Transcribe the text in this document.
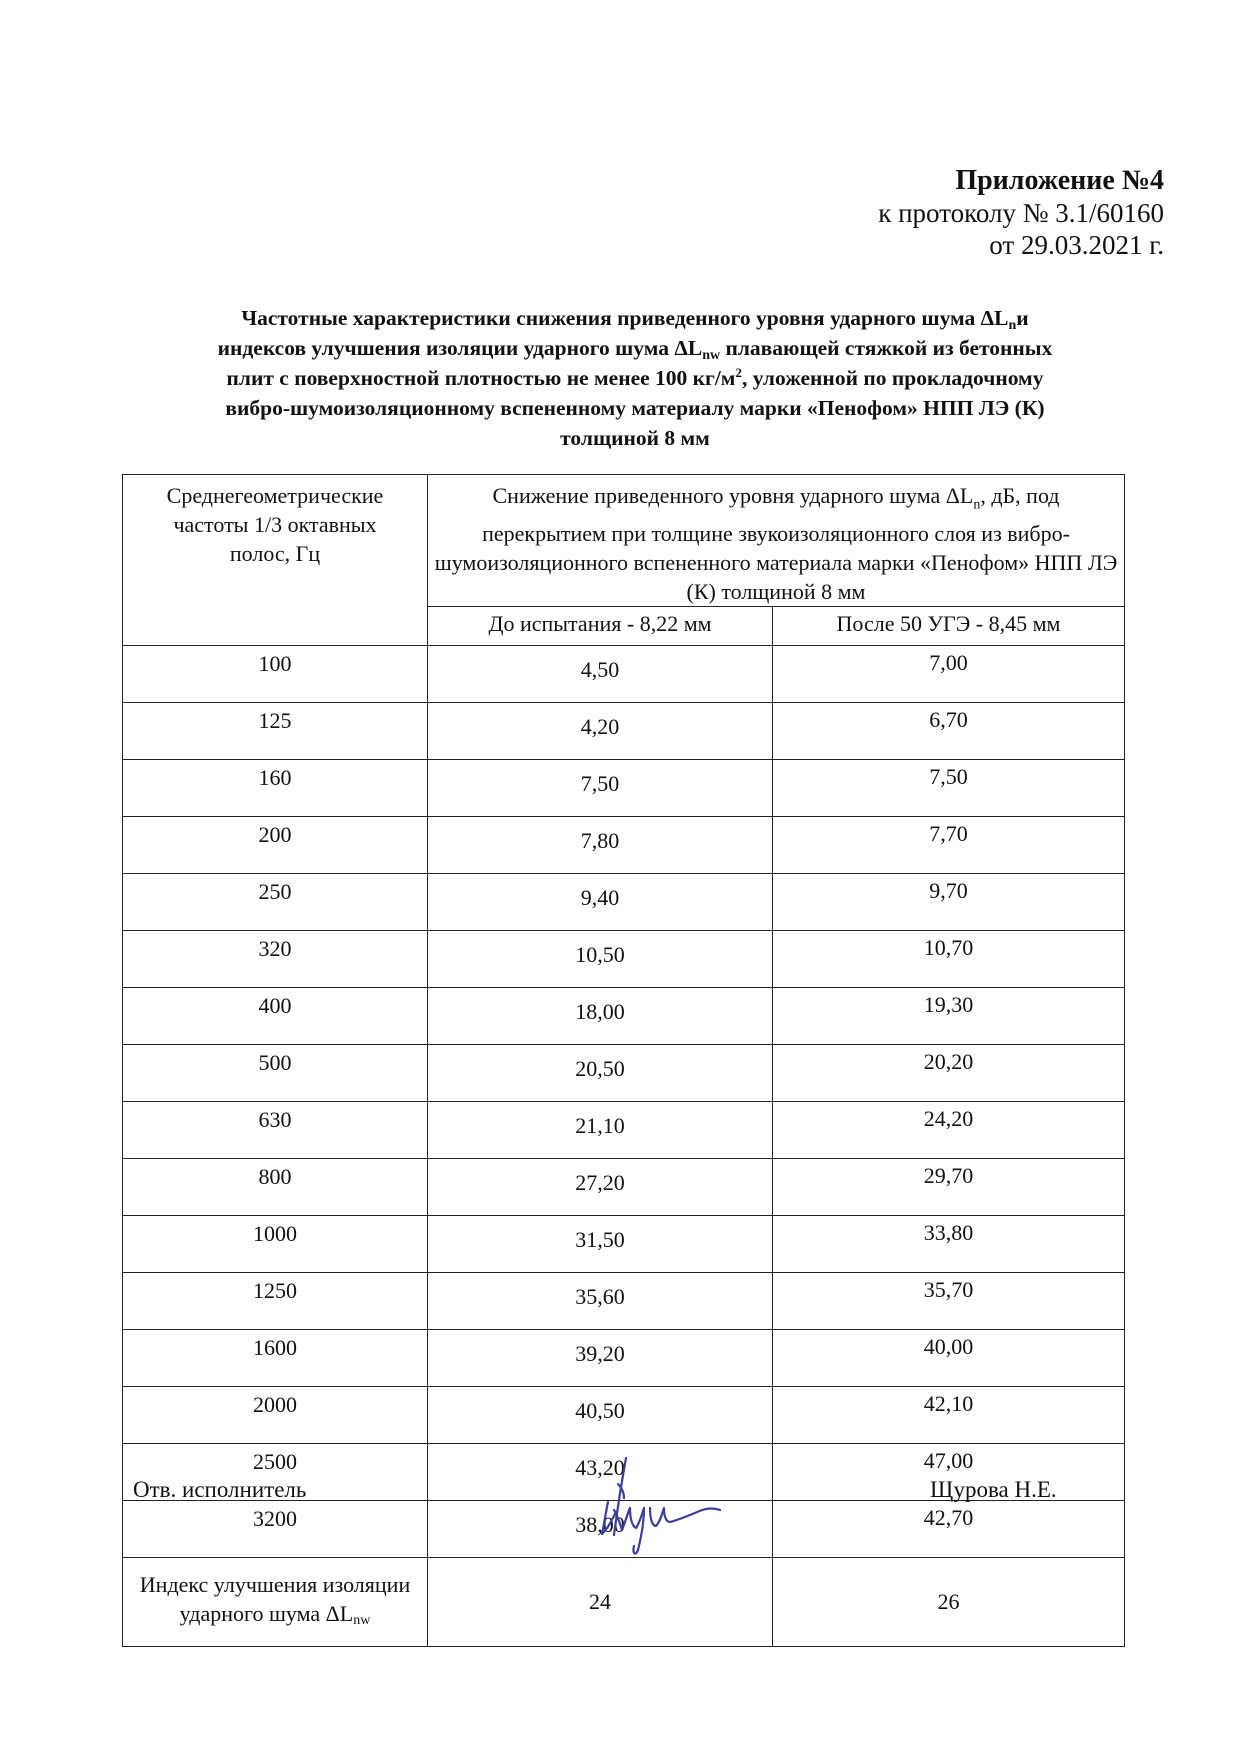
Приложение №4
к протоколу № 3.1/60160
от 29.03.2021 г.
Частотные характеристики снижения приведенного уровня ударного шума $\Delta L_nи$
индексов улучшения изоляции ударного шума $\Delta L_{nw}$ плавающей стяжкой из бетонных
плит с поверхностной плотностью не менее 100 $кг/м^2$, уложенной по прокладочному
вибро-шумоизоляционному вспененному материалу марки «Пенофом» НПП ЛЭ (К)
толщиной 8 мм
Среднегеометрические частоты 1/3 октавных полос, Гц	Снижение приведенного уровня ударного шума $\Delta L_n$, дБ, под перекрытием при толщине звукоизоляционного слоя из вибро-шумоизоляционного вспененного материала марки «Пенофом» НПП ЛЭ (К) толщиной 8 мм	
	До испытания - 8,22 мм	После 50 УГЭ - 8,45 мм
100	4,50	7,00
125	4,20	6,70
160	7,50	7,50
200	7,80	7,70
250	9,40	9,70
320	10,50	10,70
400	18,00	19,30
500	20,50	20,20
630	21,10	24,20
800	27,20	29,70
1000	31,50	33,80
1250	35,60	35,70
1600	39,20	40,00
2000	40,50	42,10
2500	43,20	47,00
3200	38,00	42,70
Индекс улучшения изоляции ударного шума $\Delta L_{nw}$	24	26
Отв. исполнитель	Щурова Н.Е.
